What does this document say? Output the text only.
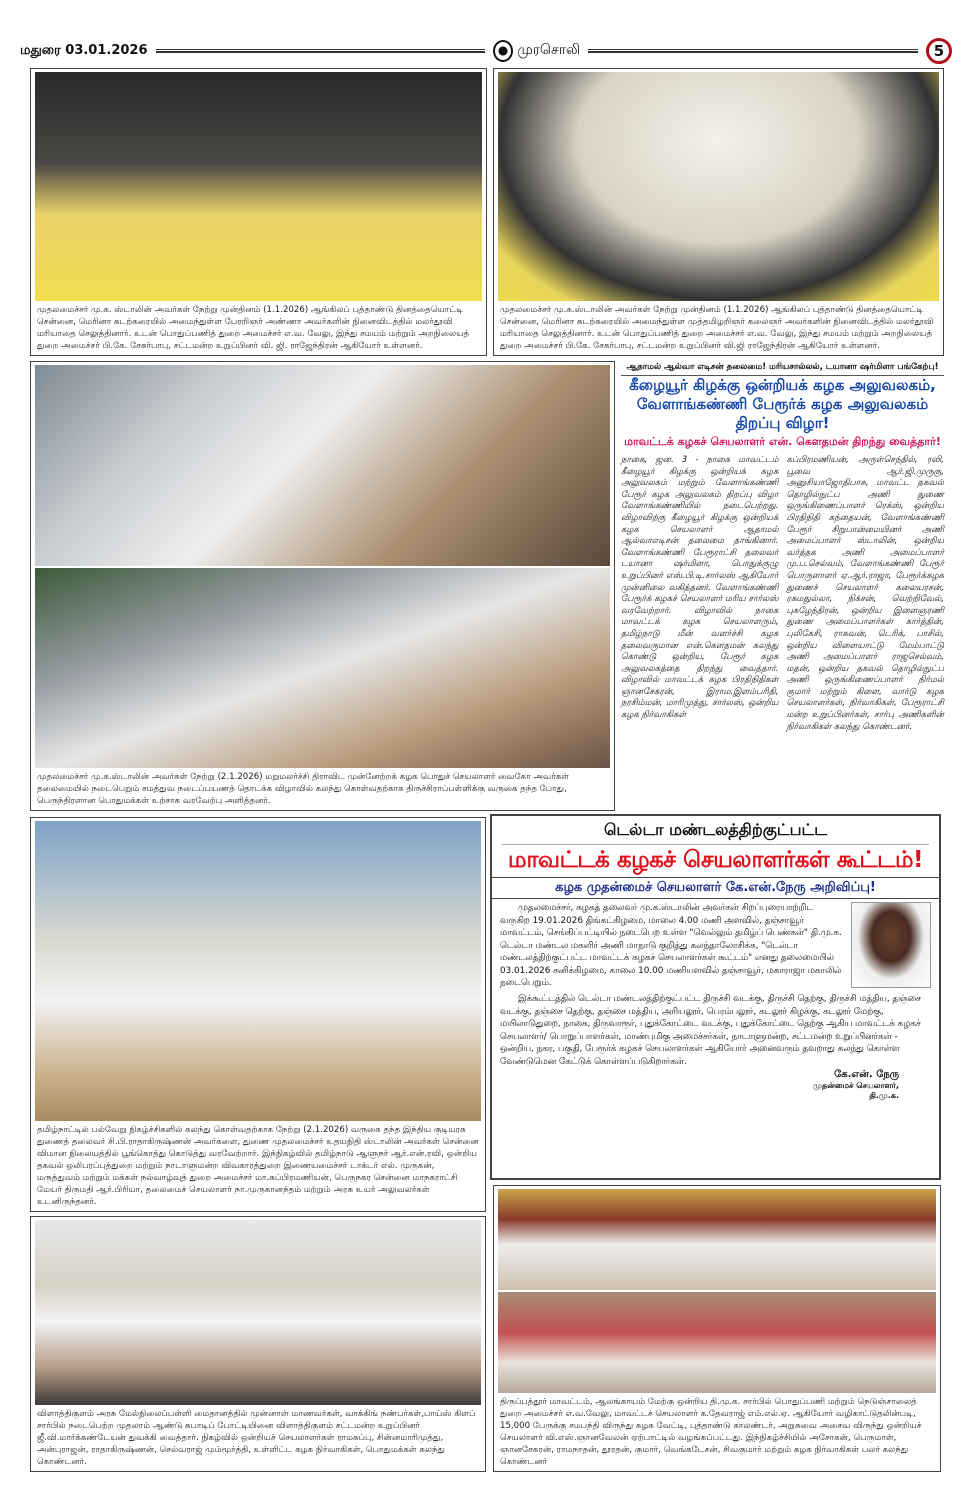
மதுரை 03.01.2026	முரசொலி	5
முதலமைச்சர் மு.க. ஸ்டாலின் அவர்கள் நேற்று முன்தினம் (1.1.2026) ஆங்கிலப் புத்தாண்டு தினத்தையொட்டி சென்னை, மெரினா கடற்கரையில் அமைந்துள்ள பேரறிஞர் அண்ணா அவர்களின் நினைவிடத்தில் மலர்தூவி மரியாதை செலுத்தினார். உடன் பொதுப்பணித் துறை அமைச்சர் எ.வ. வேலு, இந்து சமயம் மற்றும் அறநிலையத் துறை அமைச்சர் பி.கே. சேகர்பாபு, சட்டமன்ற உறுப்பினர் வி. ஜி. ராஜேந்திரன் ஆகியோர் உள்ளனர்.
முதலமைச்சர் மு.க.ஸ்டாலின் அவர்கள் நேற்று முன்தினம் (1.1.2026) ஆங்கிலப் புத்தாண்டு தினத்தையொட்டி சென்னை, மெரினா கடற்கரையில் அமைந்துள்ள முத்தமிழறிஞர் கலைஞர் அவர்களின் நினைவிடத்தில் மலர்தூவி மரியாதை செலுத்தினார். உடன் பொதுப்பணித் துறை அமைச்சர் எ.வ. வேலு, இந்து சமயம் மற்றும் அறநிலையத் துறை அமைச்சர் பி.கே. சேகர்பாபு, சட்டமன்ற உறுப்பினர் வி.ஜி ராஜேந்திரன் ஆகியோர் உள்ளனர்.
முதலமைச்சர் மு.க.ஸ்டாலின் அவர்கள் நேற்று (2.1.2026) மறுமலர்ச்சி திராவிட முன்னேற்றக் கழக பொதுச் செயலாளர் வைகோ அவர்கள் தலைமையில் நடைபெறும் சமத்துவ நடைப்பயணத் தொடக்க விழாவில் கலந்து கொள்வதற்காக திருச்சிராப்பள்ளிக்கு வருகை தந்த போது, பெருந்திரளான பொதுமக்கள் உற்சாக வரவேற்பு அளித்தனர்.
ஆதாமல் ஆல்வா எடிசன் தலைமை! மரியசால்லல், டயானா ஷர்மிளா பங்கேற்பு!
கீழையூர் கிழக்கு ஒன்றியக் கழக அலுவலகம், வேளாங்கண்ணி பேரூர்க் கழக அலுவலகம் திறப்பு விழா!
மாவட்டக் கழகச் செயலாளர் என். கௌதமன் திறந்து வைத்தார்!
நாகை, ஜன. 3 - நாகை மாவட்டம் கீழையூர் கிழக்கு ஒன்றியக் கழக அலுவலகம் மற்றும் வேளாங்கண்ணி பேரூர் கழக அலுவலகம் திறப்பு விழா வேளாங்கண்ணியில் நடைபெற்றது. விழாவிற்கு கீழையூர் கிழக்கு ஒன்றியக் கழக செயலாளர் ஆதாமல் ஆல்வாஎடிசன் தலைமை தாங்கினார். வேளாங்கண்ணி பேரூராட்சி தலைவர் டயானா ஷர்மிளா, பொதுக்குழு உறுப்பினர் எஸ்.பி.டி.சார்லஸ் ஆகியோர் முன்னிலை வகித்தனர். வேளாங்கண்ணி பேரூர்க் கழகச் செயலாளர் மரிய சார்லஸ் வரவேற்றார். விழாவில் நாகை மாவட்டக் கழக செயலாளரும், தமிழ்நாடு மீன் வளர்ச்சி கழக தலைவருமான என்.கௌதமன் கலந்து கொண்டு ஒன்றிய, பேரூர் கழக அலுவலகத்தை திறந்து வைத்தார். விழாவில் மாவட்டக் கழக பிரதிநிதிகள் ஞானசேகரன், இராம.இளம்பரிதி, நரசிம்மன், மாரிமுத்து, சார்லஸ், ஒன்றிய கழக நிர்வாகிகள்
கப்பிரமணியன், அருள்செந்தில், ரவி, பூவை ஆர்.ஜி.முருகு, அனுசியாஜோதிபாசு, மாவட்ட தகவல் தொழில்நுட்ப அணி துணை ஒருங்கிணைப்பாளர் ரெக்ஸ், ஒன்றிய பிரதிநிதி கந்தையன், வேளாங்கண்ணி பேரூர் சிறுபான்மையினர் அணி அமைப்பாளர் ஸ்டாலின், ஒன்றிய வர்த்தக அணி அமைப்பாளர் மு.ப.செல்வம், வேளாங்கண்ணி பேரூர் பொருளாளர் ஏ.ஆர்.ராஜா, பேரூர்க்கழக துணைச் செயலாளர் கலையரசன், ரகமதுல்லா, நிக்சன், வெற்றிவேல், புகழேந்திரன், ஒன்றிய இளைஞரணி துணை அமைப்பாளர்கள் கார்த்தின், புலிகேசி, ராகவன், டெரிக், பாசில், ஒன்றிய விளையாட்டு மேம்பாட்டு அணி அமைப்பாளர் ராஜசெல்வம், மதன், ஒன்றிய தகவல் தொழில்நுட்ப அணி ஒருங்கிணைப்பாளர் நிர்மல் குமார் மற்றும் கிளை, வார்டு கழக செயலாளர்கள், நிர்வாகிகள், பேரூராட்சி மன்ற உறுப்பினர்கள், சார்பு அணிகளின் நிர்வாகிகள் கலந்து கொண்டனர்.
தமிழ்நாட்டில் பல்வேறு நிகழ்ச்சிகளில் கலந்து கொள்வதற்காக நேற்று (2.1.2026) வருகை தந்த இந்திய குடியரசு துணைத் தலைவர் சி.பி.ராதாகிருஷ்ணன் அவர்களை, துணை முதலமைச்சர் உதயநிதி ஸ்டாலின் அவர்கள் சென்னை விமான நிலையத்தில் பூங்கொத்து கொடுத்து வரவேற்றார். இந்நிகழ்வில் தமிழ்நாடு ஆளுநர் ஆர்.என்.ரவி, ஒன்றிய தகவல் ஒலிபரப்புத்துறை மற்றும் நாடாளுமன்ற விவகாரத்துறை இணையமைச்சர் டாக்டர் எல். முருகன், மருத்துவம் மற்றும் மக்கள் நல்வாழ்வுத் துறை அமைச்சர் மா.சுப்பிரமணியன், பெருநகர சென்னை மாநகராட்சி மேயர் திருமதி ஆர்.பிரியா, தலைமைச் செயலாளர் நா.முருகானந்தம் மற்றும் அரசு உயர் அலுவலர்கள் உடனிருந்தனர்.
டெல்டா மண்டலத்திற்குட்பட்ட
மாவட்டக் கழகச் செயலாளர்கள் கூட்டம்!
கழக முதன்மைச் செயலாளர் கே.என்.நேரு அறிவிப்பு!

முதலமைச்சர், கழகத் தலைவர் மு.க.ஸ்டாலின் அவர்கள் சிறப்புரையாற்றிட வருகிற 19.01.2026 திங்கட்கிழமை, மாலை 4.00 மணி அளவில், தஞ்சாவூர் மாவட்டம், செங்கிப்பட்டியில் நடைபெற உள்ள "வெல்லும் தமிழ்ப் பெண்கள்" தி.மு.க. டெல்டா மண்டல மகளிர் அணி மாநாடு குறித்து கலந்தாலோசிக்க, "டெல்டா மண்டலத்திற்குட்பட்ட மாவட்டக் கழகச் செயலாளர்கள் கூட்டம்" எனது தலைமையில் 03.01.2026 சனிக்கிழமை, காலை 10.00 மணியளவில் தஞ்சாவூர், மகாராஜா மகாலில் நடைபெறும்.

இக்கூட்டத்தில் டெல்டா மண்டலத்திற்குட்பட்ட திருச்சி வடக்கு, திருச்சி தெற்கு, திருச்சி மத்திய, தஞ்சை வடக்கு, தஞ்சை தெற்கு, தஞ்சை மத்திய, அரியலூர், பெரம்பலூர், கடலூர் கிழக்கு, கடலூர் மேற்கு, மயிலாடுதுறை, நாகை, திருவாரூர், புதுக்கோட்டை வடக்கு, புதுக்கோட்டை தெற்கு ஆகிய மாவட்டக் கழகச் செயலாளர்/ பொறுப்பாளர்கள், மாண்புமிகு அமைச்சர்கள், நாடாளுமன்ற, சட்டமன்ற உறுப்பினர்கள் - ஒன்றிய, நகர, பகுதி, பேரூர்க் கழகச் செயலாளர்கள் ஆகியோர் அனைவரும் தவறாது கலந்து கொள்ள வேண்டுமென கேட்டுக் கொள்ளப்படுகிறார்கள்.

கே.என். நேரு
முதன்மைச் செயலாளர்,
தி.மு.க.
விளாத்திகுளம் அரசு மேல்நிலைப்பள்ளி மைதானத்தில் முன்னாள் மாணவர்கள், வாக்கிங் நண்பர்கள்,பாய்ஸ் கிளப் சார்பில் நடைபெற்ற முதலாம் ஆண்டு கபாடிப் போட்டியினை விளாத்திகுளம் சட்டமன்ற உறுப்பினர் ஜீ.வி.மார்க்கண்டேயன் துவக்கி வைத்தார். நிகழ்வில் ஒன்றியச் செயலாளர்கள் ராமசுப்பு, சின்னமாரிமுத்து, அன்புராஜன், ராதாகிருஷ்ணன், செல்வராஜ் மும்மூர்த்தி, உள்ளிட்ட கழக நிர்வாகிகள், பொதுமக்கள் கலந்து கொண்டனர்.
திருப்பத்தூர் மாவட்டம், ஆலங்காயம் மேற்கு ஒன்றிய தி.மு.க. சார்பில் பொதுப்பணி மற்றும் நெடுஞ்சாலைத் துறை அமைச்சர் எ.வ.வேலு, மாவட்டச் செயலாளர் க.தேவராஜ் எம்.எல்.ஏ. ஆகியோர் வழிகாட்டுதலின்படி, 15,000 பேருக்கு சமபந்தி விருந்து கழக வேட்டி, புத்தாண்டு காலண்டர், அறுசுவை அசைவ விருந்து ஒன்றியச் செயலாளர் வி.எஸ்.ஞானவேலன் ஏற்பாட்டில் வழங்கப்பட்டது. இந்நிகழ்ச்சியில் அசோகன், பெருமாள், ஞானசேகரன், ராமநாதன், தூரதன், குமார், வெங்கடேசன், சிவகுமார் மற்றும் கழக நிர்வாகிகள் பலர் கலந்து கொண்டனர்
